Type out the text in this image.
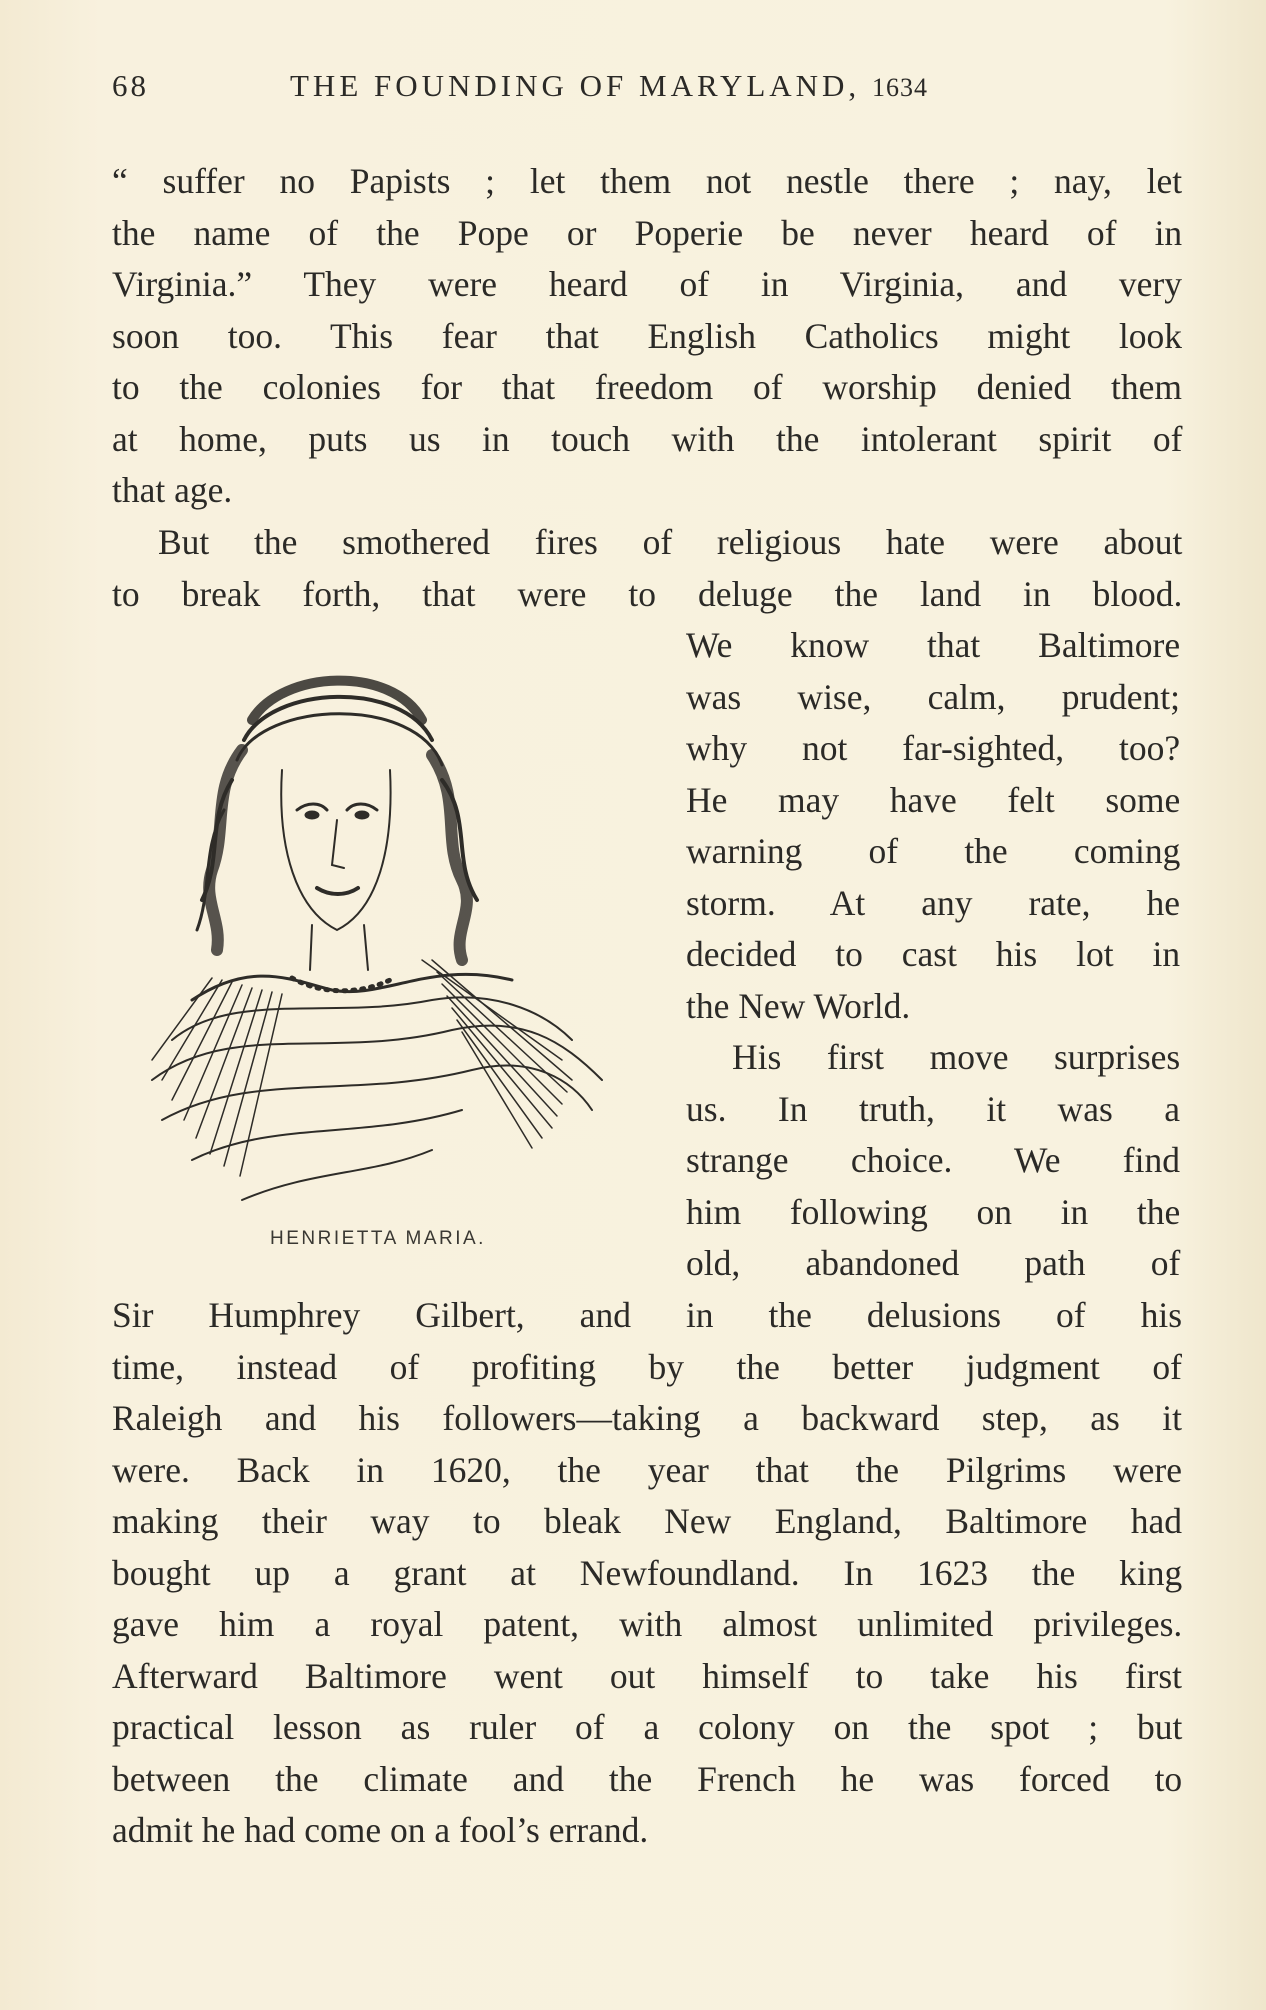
68	THE FOUNDING OF MARYLAND, 1634
“ suffer no Papists ; let them not nestle there ; nay, let
the name of the Pope or Poperie be never heard of in
Virginia.” They were heard of in Virginia, and very
soon too. This fear that English Catholics might look
to the colonies for that freedom of worship denied them
at home, puts us in touch with the intolerant spirit of
that age.
But the smothered fires of religious hate were about
to break forth, that were to deluge the land in blood.
We know that Baltimore
was wise, calm, prudent;
why not far-sighted, too?
He may have felt some
warning of the coming
storm. At any rate, he
decided to cast his lot in
the New World.
His first move surprises
us. In truth, it was a
strange choice. We find
him following on in the
old, abandoned path of
HENRIETTA MARIA.
Sir Humphrey Gilbert, and in the delusions of his
time, instead of profiting by the better judgment of
Raleigh and his followers—taking a backward step, as it
were. Back in 1620, the year that the Pilgrims were
making their way to bleak New England, Baltimore had
bought up a grant at Newfoundland. In 1623 the king
gave him a royal patent, with almost unlimited privileges.
Afterward Baltimore went out himself to take his first
practical lesson as ruler of a colony on the spot ; but
between the climate and the French he was forced to
admit he had come on a fool’s errand.
